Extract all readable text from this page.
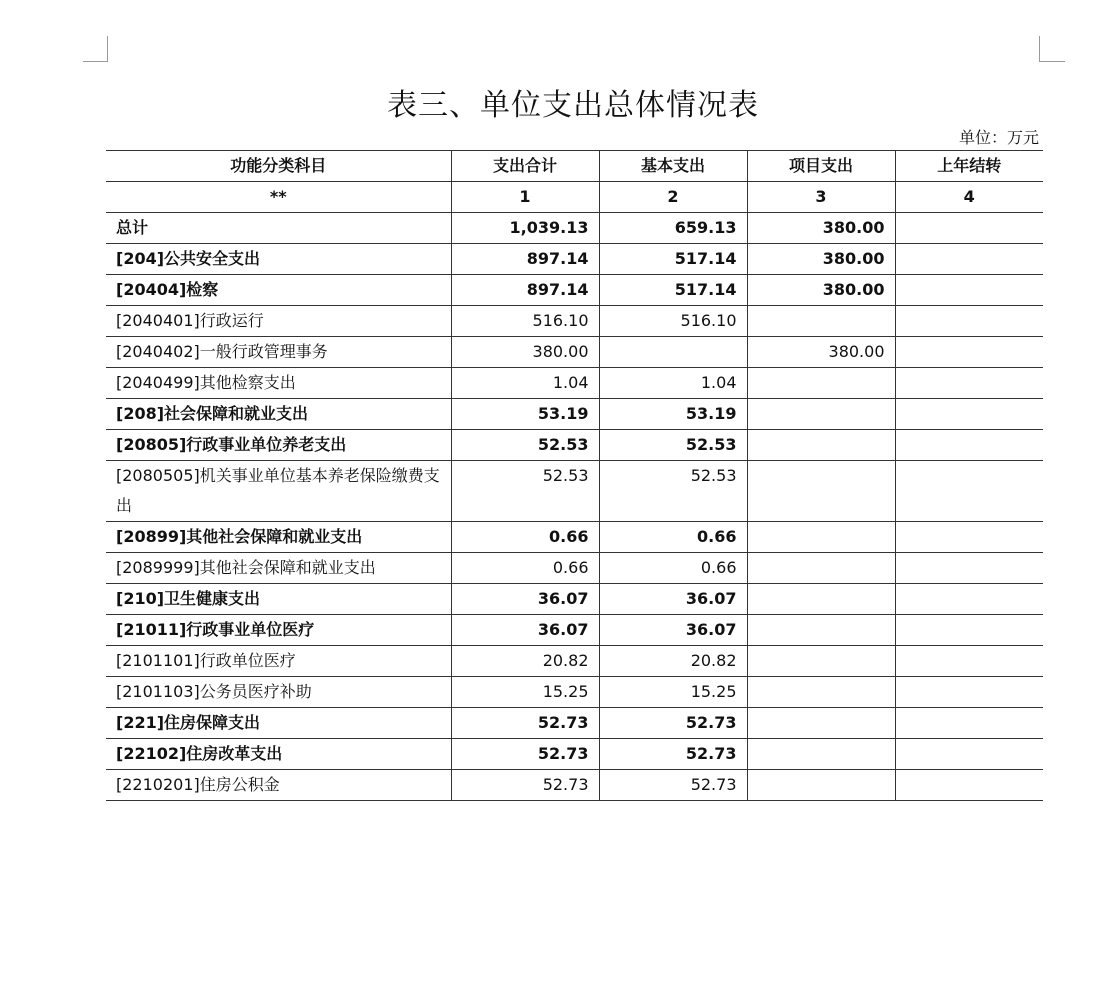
表三、单位支出总体情况表
单位：万元
功能分类科目	支出合计	基本支出	项目支出	上年结转
**	1	2	3	4
总计	1,039.13	659.13	380.00	
[204]公共安全支出	897.14	517.14	380.00	
[20404]检察	897.14	517.14	380.00	
[2040401]行政运行	516.10	516.10		
[2040402]一般行政管理事务	380.00		380.00	
[2040499]其他检察支出	1.04	1.04		
[208]社会保障和就业支出	53.19	53.19		
[20805]行政事业单位养老支出	52.53	52.53		
[2080505]机关事业单位基本养老保险缴费支出	52.53	52.53		
[20899]其他社会保障和就业支出	0.66	0.66		
[2089999]其他社会保障和就业支出	0.66	0.66		
[210]卫生健康支出	36.07	36.07		
[21011]行政事业单位医疗	36.07	36.07		
[2101101]行政单位医疗	20.82	20.82		
[2101103]公务员医疗补助	15.25	15.25		
[221]住房保障支出	52.73	52.73		
[22102]住房改革支出	52.73	52.73		
[2210201]住房公积金	52.73	52.73		
